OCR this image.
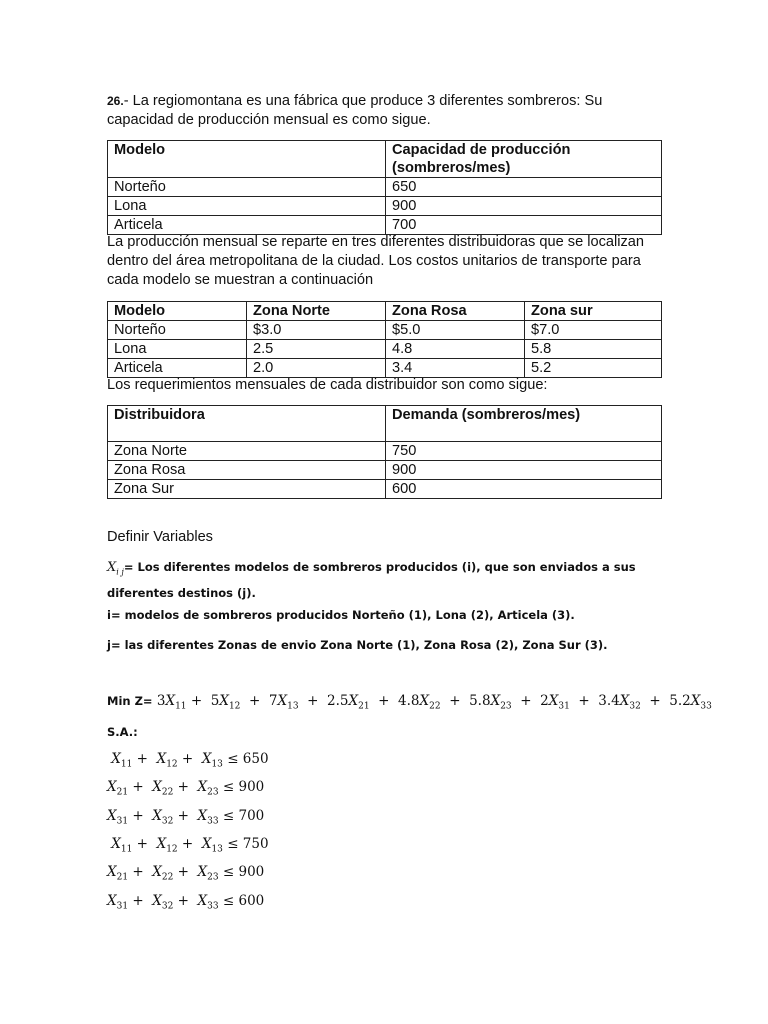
26.- La regiomontana es una fábrica que produce 3 diferentes sombreros: Su capacidad de producción mensual es como sigue.
Modelo	Capacidad de producción (sombreros/mes)
Norteño	650
Lona	900
Articela	700
La producción mensual se reparte en tres diferentes distribuidoras que se localizan dentro del área metropolitana de la ciudad. Los costos unitarios de transporte para cada modelo se muestran a continuación
Modelo	Zona Norte	Zona Rosa	Zona sur
Norteño	$3.0	$5.0	$7.0
Lona	2.5	4.8	5.8
Articela	2.0	3.4	5.2
Los requerimientos mensuales de cada distribuidor son como sigue:
Distribuidora	Demanda (sombreros/mes)
Zona Norte	750
Zona Rosa	900
Zona Sur	600
Definir Variables
$X_{i j}=$ Los diferentes modelos de sombreros producidos (i), que son enviados a sus diferentes destinos (j).
i= modelos de sombreros producidos Norteño (1), Lona (2), Articela (3).
j= las diferentes Zonas de envio Zona Norte (1), Zona Rosa (2), Zona Sur (3).
Min $Z= 3X_{11} + 5X_{12} + 7X_{13} + 2.5X_{21} + 4.8X_{22} + 5.8X_{23} + 2X_{31} + 3.4X_{32} + 5.2X_{33}$
S.A.:
$X_{11} + X_{12} + X_{13} \le 650$
$X_{21} + X_{22} + X_{23} \le 900$
$X_{31} + X_{32} + X_{33} \le 700$
$X_{11} + X_{12} + X_{13} \le 750$
$X_{21} + X_{22} + X_{23} \le 900$
$X_{31} + X_{32} + X_{33} \le 600$
